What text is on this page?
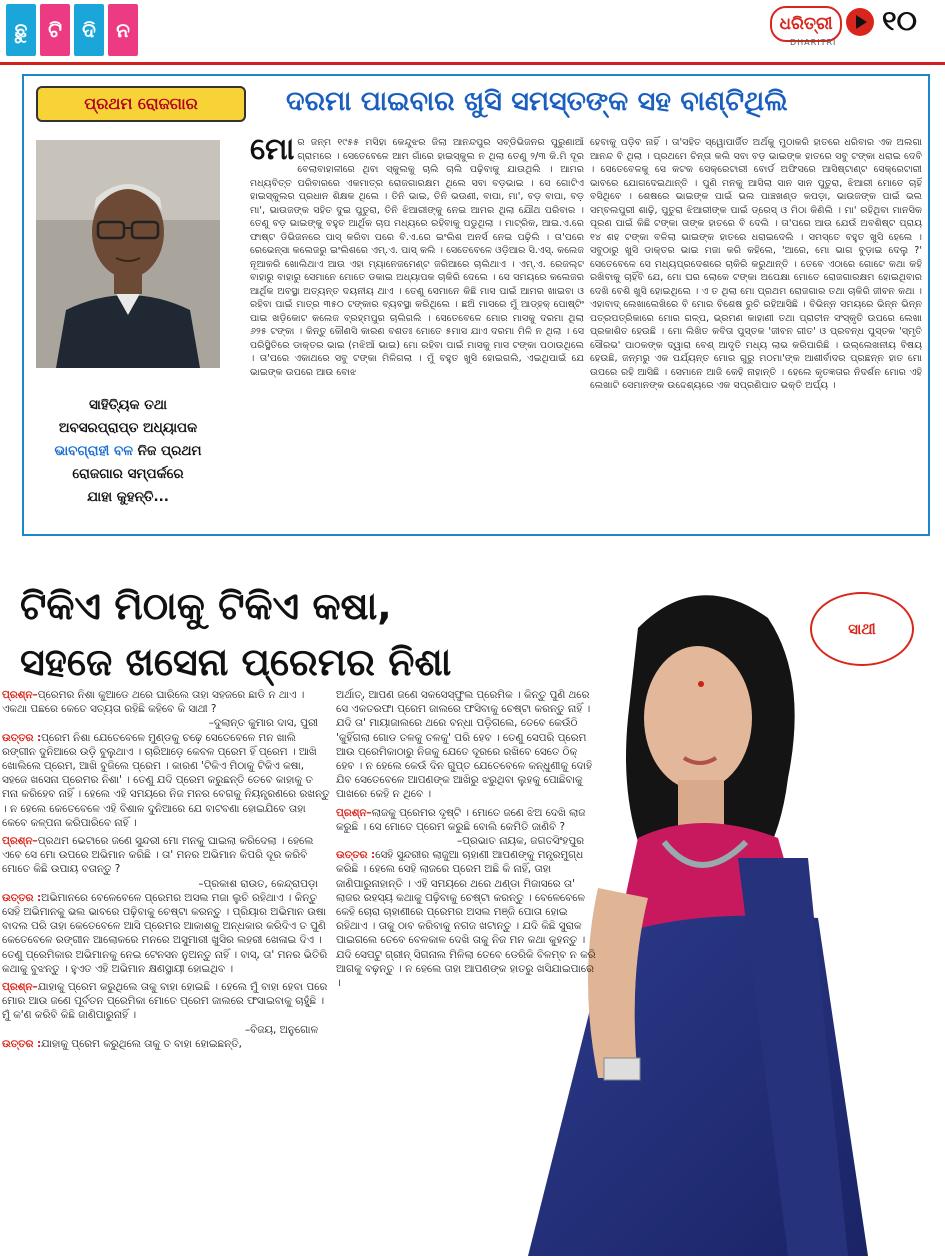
ଛୁ	ଟି	ଦି	ନ	ଧରିତ୍ରୀ
DHARITRI
୧୦
ପ୍ରଥମ ରୋଜଗାର	ଦରମା ପାଇବାର ଖୁସି ସମସ୍ତଙ୍କ ସହ ବାଣ୍ଟିଥିଲି
ସାହିତ୍ୟିକ ତଥା
ଅବସରପ୍ରାପ୍ତ ଅଧ୍ୟାପକ
ଭାବଗ୍ରାହୀ ବଳ ନିଜ ପ୍ରଥମ
ରୋଜଗାର ସମ୍ପର୍କରେ
ଯାହା କୁହନ୍ତି...
ମୋର ଜନ୍ମ ୧୯୫୫ ମସିହା କେନ୍ଦୁଝର ଜିଲା ଆନନ୍ଦପୁର ସବ୍‌ଡିଭିଜନର ପୁରୁଣାଆଁ ଗ୍ରାମରେ । ସେତେବେଳେ ଆମ ଗାଁରେ ହାଇସ୍କୁଲ ନ ଥିଲା ତେଣୁ ୨/୩ କି.ମି ଦୂର ବେଲାବାହାଳୀରେ ଥିବା ସ୍କୁଲକୁ ଚାଲି ଚାଲି ପଢ଼ିବାକୁ ଯାଉଥିଲି । ଆମର ମଧ୍ୟବିତ୍ତ ପରିବାରରେ ଏକମାତ୍ର ରୋଜଗାରକ୍ଷମ ଥିଲେ ସବା ବଡ଼ଭାଇ । ସେ ଗୋଟିଏ ହାଇସ୍କୁଲର ପ୍ରଧାନ ଶିକ୍ଷକ ଥିଲେ । ତିନି ଭାଇ, ତିନି ଭଉଣୀ, ବାପା, ମା', ବଡ଼ ବାପା, ବଡ଼ ମା', ଭାଉଜଙ୍କ ସହିତ ଦୁଇ ପୁତୁରା, ତିନି ଝିଆରୀଙ୍କୁ ନେଇ ଆମର ଥିଲା ଯୌଥ ପରିବାର । ତେଣୁ ବଡ଼ ଭାଇଙ୍କୁ ବହୁତ ଆର୍ଥିକ ଚାପ ମଧ୍ୟରେ ରହିବାକୁ ପଡୁଥିଲା । ମାଟ୍ରିକ, ଆଇ.ଏ.ରେ ଫାଷ୍ଟ ଡିଭିଜନରେ ପାସ୍ କରିବା ପରେ ବି.ଏ.ରେ ଇଂଲିଶ ଅନର୍ସ ନେଇ ପଢ଼ିଲି । ତା'ପରେ ରେଭେନ୍ସା କଲେଜରୁ ଇଂଲିଶରେ ଏମ୍.ଏ. ପାସ୍ କଲି । ସେତେବେଳେ ଓଡ଼ିଆର ସି.ଏସ୍. କଲେଜ ନୂଆକରି ଖୋଲିଥାଏ ଆଉ ଏହା ମ୍ୟାନେଜମେଣ୍ଟ ଜରିଆରେ ଚାଲିଥାଏ । ଏମ୍.ଏ. ରେଜଲ୍ଟ ବାହାରୁ ବାହାରୁ ସେମାନେ ମୋତେ ଡକାଇ ଅଧ୍ୟାପକ ଚାକିରି ଦେଲେ । ସେ ସମୟରେ କଲେଜର ଆର୍ଥିକ ଅବସ୍ଥା ଅତ୍ୟନ୍ତ ଦୟନୀୟ ଥାଏ । ତେଣୁ ସେମାନେ କିଛି ମାସ ପାଇଁ ଆମର ଖାଇବା ଓ ରହିବା ପାଇଁ ମାତ୍ର ୩୫୦ ଟଙ୍କାର ବ୍ୟବସ୍ଥା କରିଥିଲେ । ଛଅି ମାସରେ ମୁଁ ଆଡ୍‌ହକ୍ ପୋଷ୍ଟିଂ ପାଇ ଖଡ଼ିକୋଟ କଲେଜ ବ୍ରହ୍ମପୁର ଚାଲିଗଲି । ସେତେବେଳେ ମୋର ମାସକୁ ଦରମା ଥିଲା ୬୨୫ ଟଙ୍କା । କିନ୍ତୁ କୌଣସି କାରଣ ବଶତଃ ମୋତେ ୫ମାସ ଯାଏ ଦରମା ମିଳି ନ ଥିଲା । ସେ ପରିସ୍ଥିତିରେ ଡାକ୍ତର ଭାଇ (ମଝିଆଁ ଭାଇ) ମୋ ରହିବା ପାଇଁ ମାସକୁ ମାସ ଟଙ୍କା ପଠାଉଥିଲେ । ତା'ପରେ ଏକାଥରେ ସବୁ ଟଙ୍କା ମିଳିଗଲା । ମୁଁ ବହୁତ ଖୁସି ହୋଇଗଲି, ଏଇଥିପାଇଁ ଯେ ଭାଇଙ୍କ ଉପରେ ଆଉ ବୋଝ
ହେବାକୁ ପଡ଼ିବ ନାହିଁ । ତା'ସହିତ ସ୍ୱୋପାର୍ଜିତ ଅର୍ଥକୁ ମୁଠାକରି ହାତରେ ଧରିବାର ଏକ ଅଲଗା ଆନନ୍ଦ ବି ଥିଲା । ପ୍ରଥମେ ଚିନ୍ତା କଲି ସବା ବଡ଼ ଭାଇଙ୍କ ହାତରେ ସବୁ ଟଙ୍କା ଧରାଇ ଦେବି । ସେତେବେଳକୁ ସେ କଟକ ସେକ୍ରେଟାରୀ ବୋର୍ଡ ଅଫିସରେ ଆସିଷ୍ଟାଣ୍ଟ ସେକ୍ରେଟାରୀ ଭାବରେ ଯୋଗଦେଇଥାନ୍ତି । ପୁଣି ମନକୁ ଆସିଲା ସାନ ସାନ ପୁତୁରା, ଝିଆରୀ ମୋତେ ଚାହିଁ ବସିଥିବେ । ଶେଷରେ ଭାଇଙ୍କ ପାଇଁ ଭଲ ପାଞ୍ଚଖଣ୍ଡ କପଡ଼ା, ଭାଉଜଙ୍କ ପାଇଁ ଭଲ ସମ୍ବଲପୁରୀ ଶାଢ଼ି, ପୁତୁରା ଝିଆରୀଙ୍କ ପାଇଁ ଡ୍ରେସ୍ ଓ ମିଠା କିଣିଲି । ମା' ରହିଥିବା ମାନସିକ ପୂରଣ ପାଇଁ କିଛି ଟଙ୍କା ତାଙ୍କ ହାତରେ ବି ଦେଲି । ତା'ପରେ ଆଉ ଯେଉଁ ଅବଶିଷ୍ଟ ପ୍ରାୟ ୧୪ ଶହ ଟଙ୍କା ବଳିଲା ଭାଇଙ୍କ ହାତରେ ଧରାଇଦେଲି । ସମସ୍ତେ ବହୁତ ଖୁସି ହେଲେ । ସବୁଠାରୁ ଖୁସି ଡାକ୍ତର ଭାଇ ମଜା କରି କହିଲେ, 'ଆରେ, ମୋ ଭାଗ ବୁଡ଼ାଇ ଦେଲୁ ?' ସେତେବେଳେ ସେ ମଧ୍ୟପ୍ରଦେଶରେ ଚାକିରି କରୁଥାନ୍ତି । ତେବେ ଏଠାରେ ଗୋଟେ କଥା କହି ରଖିବାକୁ ଚାହିଁବି ଯେ, ମୋ ଘର ଲୋକେ ଟଙ୍କା ଅପେକ୍ଷା ମୋତେ ରୋଜଗାରକ୍ଷମ ହୋଇଥିବାର ଦେଖି ବେଶି ଖୁସି ହୋଇଥିଲେ । ଏ ତ ଥିଲା ମୋ ପ୍ରଥମ ରୋଜଗାର ତଥା ଚାକିରି ଜୀବନ କଥା । ଏହାବାଦ୍ ଲେଖାଲେଖିରେ ବି ମୋର ବିଶେଷ ରୁଚି ରହିଆସିଛି । ବିଭିନ୍ନ ସମୟରେ ଭିନ୍ନ ଭିନ୍ନ ପତ୍ରପତ୍ରିକାରେ ମୋର ଗଳ୍ପ, ଭ୍ରମଣ କାହାଣୀ ତଥା ପ୍ରାଚୀନ ସଂସ୍କୃତି ଉପରେ ଲେଖା ପ୍ରକାଶିତ ହେଉଛି । ମୋ ଲିଖିତ କବିତା ପୁସ୍ତକ 'ଜୀବନ ଗୀତ' ଓ ପ୍ରବନ୍ଧ ପୁସ୍ତକ 'ସ୍ମୃତି ସୌରଭ' ପାଠକଙ୍କ ଦ୍ୱାରା ବେଶ୍ ଆଦୃତି ମଧ୍ୟ ଲାଭ କରିପାରିଛି । ଉଲ୍ଲେଖନୀୟ ବିଷୟ ହେଉଛି, ଜନ୍ମରୁ ଏକ ପର୍ଯ୍ୟନ୍ତ ମୋର ଗୁରୁ ମଠମା'ଙ୍କ ଆଶୀର୍ବାଦର ପ୍ରଛନ୍ନ ହାତ ମୋ ଉପରେ ରହି ଆସିଛି । ସେମାନେ ଆଜି କେହି ନାହାନ୍ତି । ହେଲେ କୃତଜ୍ଞତାର ନିଦର୍ଶନ ମୋର ଏହି ଲେଖାଟି ସେମାନଙ୍କ ଉଦ୍ଦେଶ୍ୟରେ ଏକ ସପ୍ରଣିପାତ ଭକ୍ତି ଅର୍ଘ୍ୟ ।
ଟିକିଏ ମିଠାକୁ ଟିକିଏ କଷା,
ସହଜେ ଖସେନା ପ୍ରେମର ନିଶା
ସାଥୀ

ପ୍ରଶ୍ନ–ପ୍ରେମର ନିଶା କୁଆଡେ ଥରେ ଘାରିଲେ ତାହା ସହଜରେ ଛାଡି ନ ଥାଏ । ଏକଥା ପଛରେ କେତେ ସତ୍ୟତା ରହିଛି କହିବେ କି ସାଥୀ ?
–ଦୁଲାନ୍ତ କୁମାର ଦାସ, ପୁରୀ

ଉତ୍ତର :ପ୍ରେମ ନିଶା ଯେତେବେଳେ ମୁଣ୍ଡକୁ ଚଢ଼େ ସେତେବେଳେ ମନ ଖାଲି ରଙ୍ଗୀନ ଦୁନିଆରେ ଉଡ଼ି ବୁଲୁଥାଏ । ଚାରିଆଡ଼େ କେବଳ ପ୍ରେମ ହିଁ ପ୍ରେମ । ଆଖି ଖୋଲିଲେ ପ୍ରେମ, ଆଖି ବୁଜିଲେ ପ୍ରେମ । କାରଣ 'ଟିକିଏ ମିଠାକୁ ଟିକିଏ କଷା, ସହଜେ ଖସେନା ପ୍ରେମର ନିଶା' । ତେଣୁ ଯଦି ପ୍ରେମ କରୁଛନ୍ତି ତେବେ କାହାକୁ ତ ମନା କରିହେବ ନାହିଁ । ହେଲେ ଏହି ସମୟରେ ନିଜ ମନର ବେଗକୁ ନିୟନ୍ତ୍ରଣରେ ରଖନ୍ତୁ । ନ ହେଲେ କେତେବେଳେ ଏହି ବିଶାଳ ଦୁନିଆରେ ଯେ ବାଟବଣା ହୋଇଯିବେ ତାହା କେବେ କଳ୍ପନା କରିପାରିବେ ନାହିଁ ।

ପ୍ରଶ୍ନ–ପ୍ରଥମ ଭେଟାରେ ଜଣେ ସୁନ୍ଦରୀ ମୋ ମନକୁ ଘାଇଲା କରିଦେଲା । ହେଲେ ଏବେ ସେ ମୋ ଉପରେ ଅଭିମାନ କରିଛି । ତା' ମନର ଅଭିମାନ କିପରି ଦୂର କରିବି ମୋତେ କିଛି ଉପାୟ ବତାନ୍ତୁ ?
–ପ୍ରକାଶ ରାଉତ, କେନ୍ଦ୍ରାପଡ଼ା

ଉତ୍ତର :ଅଭିମାନରେ ବେଳେବେଳେ ପ୍ରେମର ଅସଲ ମଜା ଲୁଚି ରହିଥାଏ । କିନ୍ତୁ ସେହି ଅଭିମାନକୁ ଭଲ ଭାବରେ ପଢ଼ିବାକୁ ଚେଷ୍ଟା କରନ୍ତୁ । ପ୍ରିୟାର ଅଭିମାନ ଉଷା ବାଦଲ ପରି ତାହା କେତେବେଳେ ଆସି ପ୍ରେମର ଆକାଶକୁ ଅନ୍ଧକାର କରିଦିଏ ତ ପୁଣି କେତେବେଳେ ରଙ୍ଗୀନ ଆଲୋକରେ ମନରେ ଅସୁମାରୀ ଖୁସିର ଲହରୀ ଖେଳାଇ ଦିଏ । ତେଣୁ ପ୍ରେମିକାର ଅଭିମାନକୁ ନେଇ ଟେନସନ ନୁଅନ୍ତୁ ନାହିଁ । ବାସ୍, ତା' ମନର ଭିତିରି କଥାକୁ ବୁଝନ୍ତୁ । ହୁଏତ ଏହି ଅଭିମାନ କ୍ଷଣସ୍ଥାୟୀ ହୋଇଥିବ ।

ପ୍ରଶ୍ନ–ଯାହାକୁ ପ୍ରେମ କରୁଥିଲେ ତାକୁ ବାହା ହୋଇଛି । ହେଲେ ମୁଁ ବାହା ହେବା ପରେ ମୋର ଆଉ ଜଣେ ପୂର୍ବତନ ପ୍ରେମିକା ମୋତେ ପ୍ରେମ ଜାଲରେ ଫସାଇବାକୁ ଚାହୁଁଛି । ମୁଁ କ'ଣ କରିବି କିଛି ଜାଣିପାରୁନାହିଁ ।
–ବିଜୟ, ଅନୁଗୋଳ

ଉତ୍ତର :ଯାହାକୁ ପ୍ରେମ କରୁଥିଲେ ତାକୁ ତ ବାହା ହୋଇଛନ୍ତି,

ଅର୍ଥାତ୍, ଆପଣ ଜଣେ ସକସେସ୍‌ଫୁଲ ପ୍ରେମିକ । କିନ୍ତୁ ପୁଣି ଥରେ ସେ ଏକତରଫା ପ୍ରେମ ଜାଲରେ ଫସିବାକୁ ଚେଷ୍ଟା କରନ୍ତୁ ନାହିଁ । ଯଦି ତା' ମାୟାଜାଲରେ ଥରେ ବନ୍ଧା ପଡ଼ିଗଲେ, ତେବେ କେଉଁଠି 'କୁହିଁଗଲା ଗୋଡ ତଳକୁ ତଳକୁ' ପରି ହେବ । ତେଣୁ ସେପରି ପ୍ରେମ ଆଉ ପ୍ରେମିକାଠାରୁ ନିଜକୁ ଯେତେ ଦୂରରେ ରଖିବେ ସେତେ ଠିକ୍ ହେବ । ନ ହେଲେ କେଉଁ ଦିନ ଗୁପ୍ତ ଯେତେବେଳେ କନ୍ଧୁଣୀକୁ ଦୋହି ଯିବ ସେତେବେଳେ ଆପଣଙ୍କ ଆଖିରୁ ଝରୁଥିବା ଲୁହକୁ ପୋଛିବାକୁ ପାଖରେ କେହି ନ ଥିବେ ।

ପ୍ରଶ୍ନ–ଲାଜକୁ ପ୍ରେମର ଦୃଷ୍ଟି । ମୋତେ ଜଣେ ଝିଅ ଦେଖି ଲାଜ କରୁଛି । ସେ ମୋତେ ପ୍ରେମ କରୁଛି ବୋଲି କେମିତି ଜାଣିବି ?
–ପ୍ରଭାତ ନାୟକ, ଜଗତସିଂହପୁର

ଉତ୍ତର :ସେହି ସୁନ୍ଦରୀର ଲାଜୁଆ ଚାହାଣୀ ଆପଣଙ୍କୁ ମନ୍ତ୍ରମୁଗ୍ଧ କରିଛି । ହେଲେ ସେହି ଲାଜରେ ପ୍ରେମ ଅଛି କି ନାହିଁ, ତାହା ଜାଣିପାରୁନାହାନ୍ତି । ଏହି ସମୟରେ ଥରେ ଥଣ୍ଡା ମିଜାସରେ ତା' ଲାଜର ରହସ୍ୟ କଥାକୁ ପଢ଼ିବାକୁ ଚେଷ୍ଟା କରନ୍ତୁ । ବେଳେବେଳେ କେହି ଚୋରା ଚାହାଣୀରେ ପ୍ରେମର ଅସଲ ମଞ୍ଜି ପୋତା ହୋଇ ରହିଥାଏ । ତାକୁ ଠାବ କରିବାକୁ ନଗଜ ଖଟାନ୍ତୁ । ଯଦି କିଛି ସୁରାକ ପାଇଗଲେ ତେବେ ବେଳକାଳ ଦେଖି ତାକୁ ନିଜ ମନ କଥା କୁହନ୍ତୁ । ଯଦି ସେପଟୁ ଗ୍ରୀନ୍ ସିଗନାଲ ମିଳିଲା ତେବେ ଡେରିକି ବିଳମ୍ବ ନ କରି ଆଗକୁ ବଢ଼ନ୍ତୁ । ନ ହେଲେ ତାହା ଆପଣଙ୍କ ହାତରୁ ଖସିଯାଇପାରେ ।
